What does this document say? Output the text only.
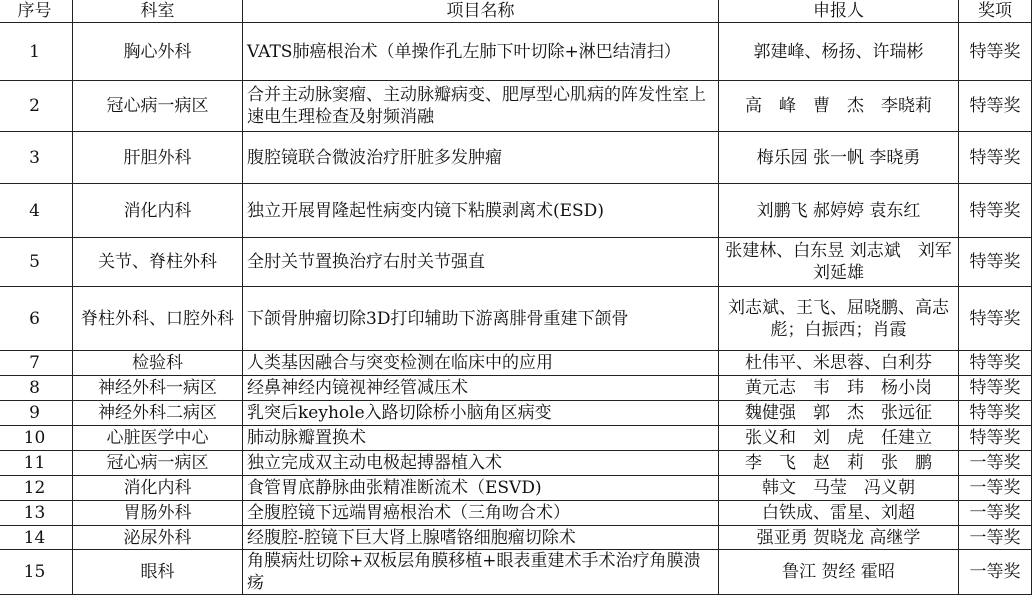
序号	科室	项目名称	申报人	奖项
1	胸心外科	VATS肺癌根治术（单操作孔左肺下叶切除+淋巴结清扫）	郭建峰、杨扬、许瑞彬	特等奖
2	冠心病一病区	合并主动脉窦瘤、主动脉瓣病变、肥厚型心肌病的阵发性室上速电生理检查及射频消融	高　峰　曹　杰　李晓莉	特等奖
3	肝胆外科	腹腔镜联合微波治疗肝脏多发肿瘤	梅乐园 张一帆 李晓勇	特等奖
4	消化内科	独立开展胃隆起性病变内镜下粘膜剥离术(ESD)	刘鹏飞 郝婷婷 袁东红	特等奖
5	关节、脊柱外科	全肘关节置换治疗右肘关节强直	张建林、白东昱 刘志斌　刘军　刘延雄	特等奖
6	脊柱外科、口腔外科	下颌骨肿瘤切除3D打印辅助下游离腓骨重建下颌骨	刘志斌、王飞、屈晓鹏、高志彪；白振西；肖霞	特等奖
7	检验科	人类基因融合与突变检测在临床中的应用	杜伟平、米思蓉、白利芬	特等奖
8	神经外科一病区	经鼻神经内镜视神经管减压术	黄元志　韦　玮　杨小岗	特等奖
9	神经外科二病区	乳突后keyhole入路切除桥小脑角区病变	魏健强　郭　杰　张远征	特等奖
10	心脏医学中心	肺动脉瓣置换术	张义和　刘　虎　任建立	特等奖
11	冠心病一病区	独立完成双主动电极起搏器植入术	李　飞　赵　莉　张　鹏	一等奖
12	消化内科	食管胃底静脉曲张精准断流术（ESVD)	韩文　马莹　冯义朝	一等奖
13	胃肠外科	全腹腔镜下远端胃癌根治术（三角吻合术）	白铁成、雷星、刘超	一等奖
14	泌尿外科	经腹腔-腔镜下巨大肾上腺嗜铬细胞瘤切除术	强亚勇 贺晓龙 高继学	一等奖
15	眼科	角膜病灶切除+双板层角膜移植+眼表重建术手术治疗角膜溃疡	鲁江 贺经 霍昭	一等奖
